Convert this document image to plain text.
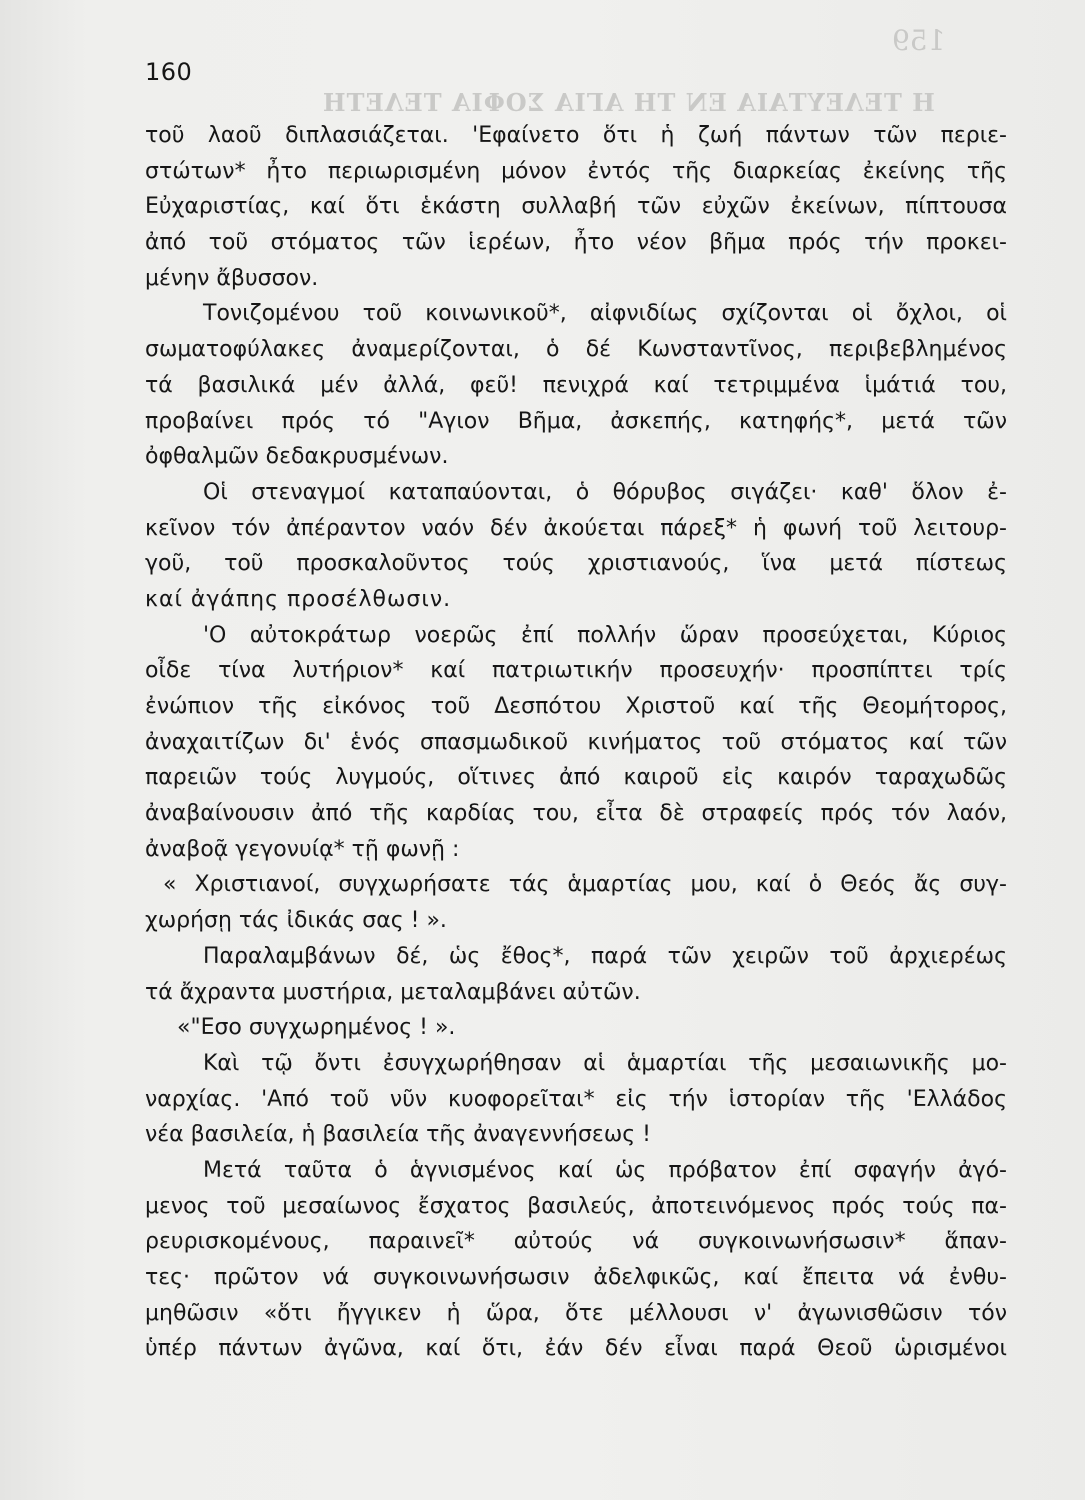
159
Η ΤΕΛΕΥΤΑΙΑ ΕΝ ΤΗ ΑΓΙΑ ΣΟΦΙΑ ΤΕΛΕΤΗ
160
τοῦ λαοῦ διπλασιάζεται. 'Εφαίνετο ὅτι ἡ ζωή πάντων τῶν περιε-
στώτων* ἦτο περιωρισμένη μόνον ἐντός τῆς διαρκείας ἐκείνης τῆς
Εὐχαριστίας, καί ὅτι ἑκάστη συλλαβή τῶν εὐχῶν ἐκείνων, πίπτουσα
ἀπό τοῦ στόματος τῶν ἱερέων, ἦτο νέον βῆμα πρός τήν προκει-
μένην ἄβυσσον.
Τονιζομένου τοῦ κοινωνικοῦ*, αἰφνιδίως σχίζονται οἱ ὄχλοι, οἱ
σωματοφύλακες ἀναμερίζονται, ὁ δέ Κωνσταντῖνος, περιβεβλημένος
τά βασιλικά μέν ἀλλά, φεῦ! πενιχρά καί τετριμμένα ἱμάτιά του,
προβαίνει πρός τό "Αγιον Βῆμα, ἀσκεπής, κατηφής*, μετά τῶν
ὀφθαλμῶν δεδακρυσμένων.
Οἱ στεναγμοί καταπαύονται, ὁ θόρυβος σιγάζει· καθ' ὅλον ἐ-
κεῖνον τόν ἀπέραντον ναόν δέν ἀκούεται πάρεξ* ἡ φωνή τοῦ λειτουρ-
γοῦ, τοῦ προσκαλοῦντος τούς χριστιανούς, ἵνα μετά πίστεως
καί ἀγάπης προσέλθωσιν.
'Ο αὐτοκράτωρ νοερῶς ἐπί πολλήν ὥραν προσεύχεται, Κύριος
οἶδε τίνα λυτήριον* καί πατριωτικήν προσευχήν· προσπίπτει τρίς
ἐνώπιον τῆς εἰκόνος τοῦ Δεσπότου Χριστοῦ καί τῆς Θεομήτορος,
ἀναχαιτίζων δι' ἑνός σπασμωδικοῦ κινήματος τοῦ στόματος καί τῶν
παρειῶν τούς λυγμούς, οἵτινες ἀπό καιροῦ εἰς καιρόν ταραχωδῶς
ἀναβαίνουσιν ἀπό τῆς καρδίας του, εἶτα δὲ στραφείς πρός τόν λαόν,
ἀναβοᾷ γεγονυίᾳ* τῇ φωνῇ :
« Χριστιανοί, συγχωρήσατε τάς ἁμαρτίας μου, καί ὁ Θεός ἄς συγ-
χωρήσῃ τάς ἰδικάς σας ! ».
Παραλαμβάνων δέ, ὡς ἔθος*, παρά τῶν χειρῶν τοῦ ἀρχιερέως
τά ἄχραντα μυστήρια, μεταλαμβάνει αὐτῶν.
«"Εσο συγχωρημένος ! ».
Καὶ τῷ ὄντι ἐσυγχωρήθησαν αἱ ἁμαρτίαι τῆς μεσαιωνικῆς μο-
ναρχίας. 'Από τοῦ νῦν κυοφορεῖται* εἰς τήν ἱστορίαν τῆς 'Ελλάδος
νέα βασιλεία, ἡ βασιλεία τῆς ἀναγεννήσεως !
Μετά ταῦτα ὁ ἁγνισμένος καί ὡς πρόβατον ἐπί σφαγήν ἀγό-
μενος τοῦ μεσαίωνος ἔσχατος βασιλεύς, ἀποτεινόμενος πρός τούς πα-
ρευρισκομένους, παραινεῖ* αὐτούς νά συγκοινωνήσωσιν* ἅπαν-
τες· πρῶτον νά συγκοινωνήσωσιν ἀδελφικῶς, καί ἔπειτα νά ἐνθυ-
μηθῶσιν «ὅτι ἤγγικεν ἡ ὥρα, ὅτε μέλλουσι ν' ἀγωνισθῶσιν τόν
ὑπέρ πάντων ἀγῶνα, καί ὅτι, ἐάν δέν εἶναι παρά Θεοῦ ὡρισμένοι
